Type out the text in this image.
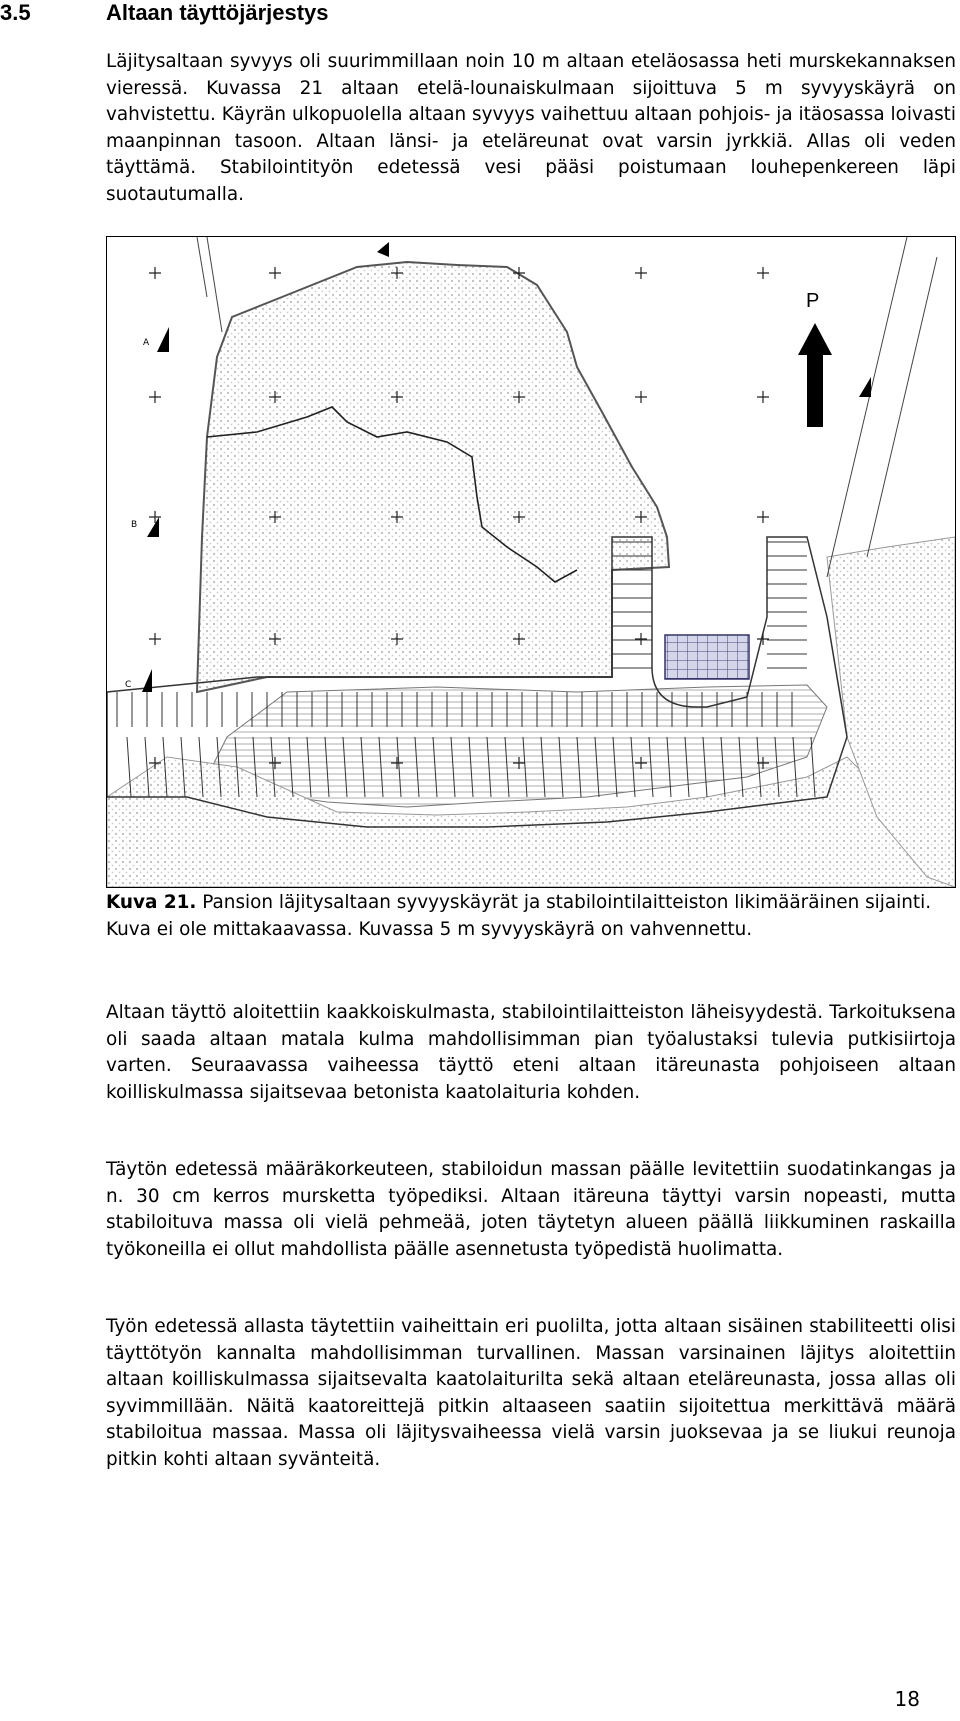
3.5	Altaan täyttöjärjestys

Läjitysaltaan syvyys oli suurimmillaan noin 10 m altaan eteläosassa heti murskekannaksen vieressä. Kuvassa 21 altaan etelä-lounaiskulmaan sijoittuva 5 m syvyyskäyrä on vahvistettu. Käyrän ulkopuolella altaan syvyys vaihettuu altaan pohjois- ja itäosassa loivasti maanpinnan tasoon. Altaan länsi- ja eteläreunat ovat varsin jyrkkiä. Allas oli veden täyttämä. Stabilointityön edetessä vesi pääsi poistumaan louhepenkereen läpi suotautumalla.

P
A
B
C

Kuva 21. Pansion läjitysaltaan syvyyskäyrät ja stabilointilaitteiston likimääräinen sijainti. Kuva ei ole mittakaavassa. Kuvassa 5 m syvyyskäyrä on vahvennettu.

Altaan täyttö aloitettiin kaakkoiskulmasta, stabilointilaitteiston läheisyydestä. Tarkoituksena oli saada altaan matala kulma mahdollisimman pian työalustaksi tulevia putkisiirtoja varten. Seuraavassa vaiheessa täyttö eteni altaan itäreunasta pohjoiseen altaan koilliskulmassa sijaitsevaa betonista kaatolaituria kohden.

Täytön edetessä määräkorkeuteen, stabiloidun massan päälle levitettiin suodatinkangas ja n. 30 cm kerros mursketta työpediksi. Altaan itäreuna täyttyi varsin nopeasti, mutta stabiloituva massa oli vielä pehmeää, joten täytetyn alueen päällä liikkuminen raskailla työkoneilla ei ollut mahdollista päälle asennetusta työpedistä huolimatta.

Työn edetessä allasta täytettiin vaiheittain eri puolilta, jotta altaan sisäinen stabiliteetti olisi täyttötyön kannalta mahdollisimman turvallinen. Massan varsinainen läjitys aloitettiin altaan koilliskulmassa sijaitsevalta kaatolaiturilta sekä altaan eteläreunasta, jossa allas oli syvimmillään. Näitä kaatoreittejä pitkin altaaseen saatiin sijoitettua merkittävä määrä stabiloitua massaa. Massa oli läjitysvaiheessa vielä varsin juoksevaa ja se liukui reunoja pitkin kohti altaan syvänteitä.

18
